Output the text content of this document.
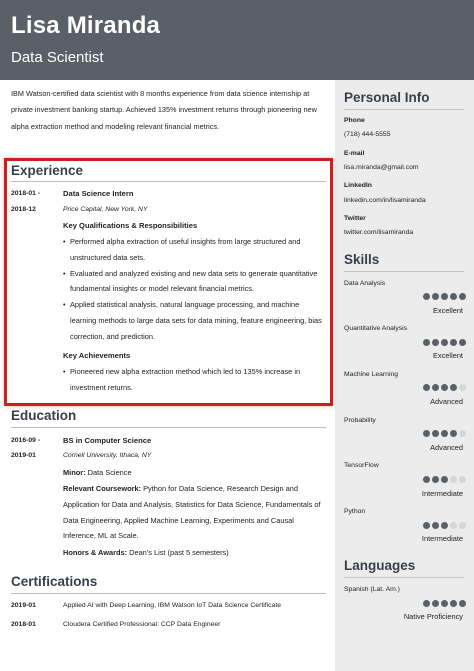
Lisa Miranda
Data Scientist
IBM Watson-certified data scientist with 8 months experience from data science internship at private investment banking startup. Achieved 135% investment returns through pioneering new alpha extraction method and modeling relevant financial metrics.
Experience
2018-01 -
2018-12
Data Science Intern
Price Capital, New York, NY
Key Qualifications & Responsibilities
• Performed alpha extraction of useful insights from large structured and unstructured data sets.
• Evaluated and analyzed existing and new data sets to generate quantitative fundamental insights or model relevant financial metrics.
• Applied statistical analysis, natural language processing, and machine learning methods to large data sets for data mining, feature engineering, bias correction, and prediction.
Key Achievements
• Pioneered new alpha extraction method which led to 135% increase in investment returns.
Education
2016-09 -
2019-01
BS in Computer Science
Cornell University, Ithaca, NY
Minor: Data Science
Relevant Coursework: Python for Data Science, Research Design and Application for Data and Analysis, Statistics for Data Science, Fundamentals of Data Engineering, Applied Machine Learning, Experiments and Causal Inference, ML at Scale.
Honors & Awards: Dean's List (past 5 semesters)
Certifications
2019-01	Applied AI with Deep Learning, IBM Watson IoT Data Science Certificate
2018-01	Cloudera Certified Professional: CCP Data Engineer
Personal Info
Phone
(718) 444-5555
E-mail
lisa.miranda@gmail.com
LinkedIn
linkedin.com/in/lisamiranda
Twitter
twitter.com/lisamiranda
Skills
Data Analysis
Excellent
Quantitative Analysis
Excellent
Machine Learning
Advanced
Probability
Advanced
TensorFlow
Intermediate
Python
Intermediate
Languages
Spanish (Lat. Am.)
Native Proficiency
